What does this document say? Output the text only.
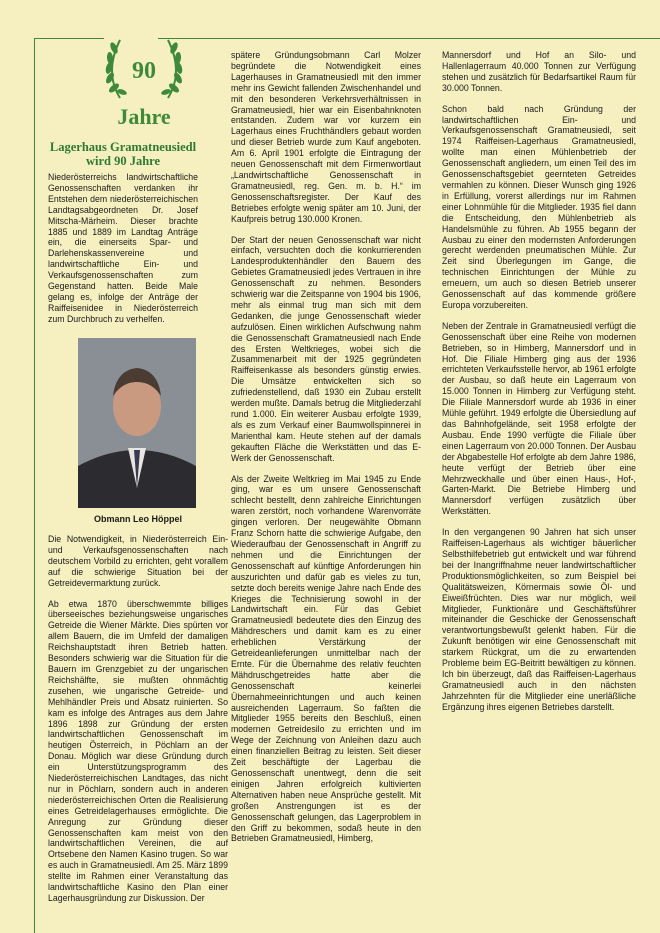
90
Jahre
Lagerhaus Gramatneusiedl
wird 90 Jahre

Niederösterreichs landwirtschaftliche Genossenschaften verdanken ihr Entstehen dem niederösterreichischen Landtagsabgeordneten Dr. Josef Mitscha-Märheim. Dieser brachte 1885 und 1889 im Landtag Anträge ein, die einerseits Spar- und Darlehenskassenvereine und landwirtschaftliche Ein- und Verkaufsgenossenschaften zum Gegenstand hatten. Beide Male gelang es, infolge der Anträge der Raiffeisenidee in Niederösterreich zum Durchbruch zu verhelfen.

Obmann Leo Höppel

Die Notwendigkeit, in Niederösterreich Ein- und Verkaufsgenossenschaften nach deutschem Vorbild zu errichten, geht vorallem auf die schwierige Situation bei der Getreidevermarktung zurück.

Ab etwa 1870 überschwemmte billiges überseeisches beziehungsweise ungarisches Getreide die Wiener Märkte. Dies spürten vor allem Bauern, die im Umfeld der damaligen Reichshauptstadt ihren Betrieb hatten. Besonders schwierig war die Situation für die Bauern im Grenzgebiet zu der ungarischen Reichshälfte, sie mußten ohnmächtig zusehen, wie ungarische Getreide- und Mehlhändler Preis und Absatz ruinierten. So kam es infolge des Antrages aus dem Jahre 1896 1898 zur Gründung der ersten landwirtschaftlichen Genossenschaft im heutigen Österreich, in Pöchlarn an der Donau. Möglich war diese Gründung durch ein Unterstützungsprogramm des Niederösterreichischen Landtages, das nicht nur in Pöchlarn, sondern auch in anderen niederösterreichischen Orten die Realisierung eines Getreidelagerhauses ermöglichte. Die Anregung zur Gründung dieser Genossenschaften kam meist von den landwirtschaftlichen Vereinen, die auf Ortsebene den Namen Kasino trugen. So war es auch in Gramatneusiedl. Am 25. März 1899 stellte im Rahmen einer Veranstaltung das landwirtschaftliche Kasino den Plan einer Lagerhausgründung zur Diskussion. Der

spätere Gründungsobmann Carl Molzer begründete die Notwendigkeit eines Lagerhauses in Gramatneusiedl mit den immer mehr ins Gewicht fallenden Zwischenhandel und mit den besonderen Verkehrsverhältnissen in Gramatneusiedl, hier war ein Eisenbahnknoten entstanden. Zudem war vor kurzem ein Lagerhaus eines Fruchthändlers gebaut worden und dieser Betrieb wurde zum Kauf angeboten. Am 6. April 1901 erfolgte die Eintragung der neuen Genossenschaft mit dem Firmenwortlaut „Landwirtschaftliche Genossenschaft in Gramatneusiedl, reg. Gen. m. b. H.“ im Genossenschaftsregister. Der Kauf des Betriebes erfolgte wenig später am 10. Juni, der Kaufpreis betrug 130.000 Kronen.

Der Start der neuen Genossenschaft war nicht einfach, versuchten doch die konkurrierenden Landesproduktenhändler den Bauern des Gebietes Gramatneusiedl jedes Vertrauen in ihre Genossenschaft zu nehmen. Besonders schwierig war die Zeitspanne von 1904 bis 1906, mehr als einmal trug man sich mit dem Gedanken, die junge Genossenschaft wieder aufzulösen. Einen wirklichen Aufschwung nahm die Genossenschaft Gramatneusiedl nach Ende des Ersten Weltkrieges, wobei sich die Zusammenarbeit mit der 1925 gegründeten Raiffeisenkasse als besonders günstig erwies. Die Umsätze entwickelten sich so zufriedenstellend, daß 1930 ein Zubau erstellt werden mußte. Damals betrug die Mitgliederzahl rund 1.000. Ein weiterer Ausbau erfolgte 1939, als es zum Verkauf einer Baumwollspinnerei in Marienthal kam. Heute stehen auf der damals gekauften Fläche die Werkstätten und das E-Werk der Genossenschaft.

Als der Zweite Weltkrieg im Mai 1945 zu Ende ging, war es um unsere Genossenschaft schlecht bestellt, denn zahlreiche Einrichtungen waren zerstört, noch vorhandene Warenvorräte gingen verloren. Der neugewählte Obmann Franz Schorn hatte die schwierige Aufgabe, den Wiederaufbau der Genossenschaft in Angriff zu nehmen und die Einrichtungen der Genossenschaft auf künftige Anforderungen hin auszurichten und dafür gab es vieles zu tun, setzte doch bereits wenige Jahre nach Ende des Krieges die Technisierung sowohl in der Landwirtschaft ein. Für das Gebiet Gramatneusiedl bedeutete dies den Einzug des Mähdreschers und damit kam es zu einer erheblichen Verstärkung der Getreideanlieferungen unmittelbar nach der Ernte. Für die Übernahme des relativ feuchten Mähdruschgetreides hatte aber die Genossenschaft keinerlei Übernahmeeinrichtungen und auch keinen ausreichenden Lagerraum. So faßten die Mitglieder 1955 bereits den Beschluß, einen modernen Getreidesilo zu errichten und im Wege der Zeichnung von Anleihen dazu auch einen finanziellen Beitrag zu leisten. Seit dieser Zeit beschäftigte der Lagerbau die Genossenschaft unentwegt, denn die seit einigen Jahren erfolgreich kultivierten Alternativen haben neue Ansprüche gestellt. Mit großen Anstrengungen ist es der Genossenschaft gelungen, das Lagerproblem in den Griff zu bekommen, sodaß heute in den Betrieben Gramatneusiedl, Himberg,

Mannersdorf und Hof an Silo- und Hallenlagerraum 40.000 Tonnen zur Verfügung stehen und zusätzlich für Bedarfsartikel Raum für 30.000 Tonnen.

Schon bald nach Gründung der landwirtschaftlichen Ein- und Verkaufsgenossenschaft Gramatneusiedl, seit 1974 Raiffeisen-Lagerhaus Gramatneusiedl, wollte man einen Mühlenbetrieb der Genossenschaft angliedern, um einen Teil des im Genossenschaftsgebiet geernteten Getreides vermahlen zu können. Dieser Wunsch ging 1926 in Erfüllung, vorerst allerdings nur im Rahmen einer Lohnmühle für die Mitglieder. 1935 fiel dann die Entscheidung, den Mühlenbetrieb als Handelsmühle zu führen. Ab 1955 begann der Ausbau zu einer den modernsten Anforderungen gerecht werdenden pneumatischen Mühle. Zur Zeit sind Überlegungen im Gange, die technischen Einrichtungen der Mühle zu erneuern, um auch so diesen Betrieb unserer Genossenschaft auf das kommende größere Europa vorzubereiten.

Neben der Zentrale in Gramatneusiedl verfügt die Genossenschaft über eine Reihe von modernen Betrieben, so in Himberg, Mannersdorf und in Hof. Die Filiale Himberg ging aus der 1936 errichteten Verkaufsstelle hervor, ab 1961 erfolgte der Ausbau, so daß heute ein Lagerraum von 15.000 Tonnen in Himberg zur Verfügung steht. Die Filiale Mannersdorf wurde ab 1936 in einer Mühle geführt. 1949 erfolgte die Übersiedlung auf das Bahnhofgelände, seit 1958 erfolgte der Ausbau. Ende 1990 verfügte die Filiale über einen Lagerraum von 20.000 Tonnen. Der Ausbau der Abgabestelle Hof erfolgte ab dem Jahre 1986, heute verfügt der Betrieb über eine Mehrzweckhalle und über einen Haus-, Hof-, Garten-Markt. Die Betriebe Himberg und Mannersdorf verfügen zusätzlich über Werkstätten.

In den vergangenen 90 Jahren hat sich unser Raiffeisen-Lagerhaus als wichtiger bäuerlicher Selbsthilfebetrieb gut entwickelt und war führend bei der Inangriffnahme neuer landwirtschaftlicher Produktionsmöglichkeiten, so zum Beispiel bei Qualitätsweizen, Körnermais sowie Öl- und Eiweißfrüchten. Dies war nur möglich, weil Mitglieder, Funktionäre und Geschäftsführer miteinander die Geschicke der Genossenschaft verantwortungsbewußt gelenkt haben. Für die Zukunft benötigen wir eine Genossenschaft mit starkem Rückgrat, um die zu erwartenden Probleme beim EG-Beitritt bewältigen zu können. Ich bin überzeugt, daß das Raiffeisen-Lagerhaus Gramatneusiedl auch in den nächsten Jahrzehnten für die Mitglieder eine unerläßliche Ergänzung ihres eigenen Betriebes darstellt.
